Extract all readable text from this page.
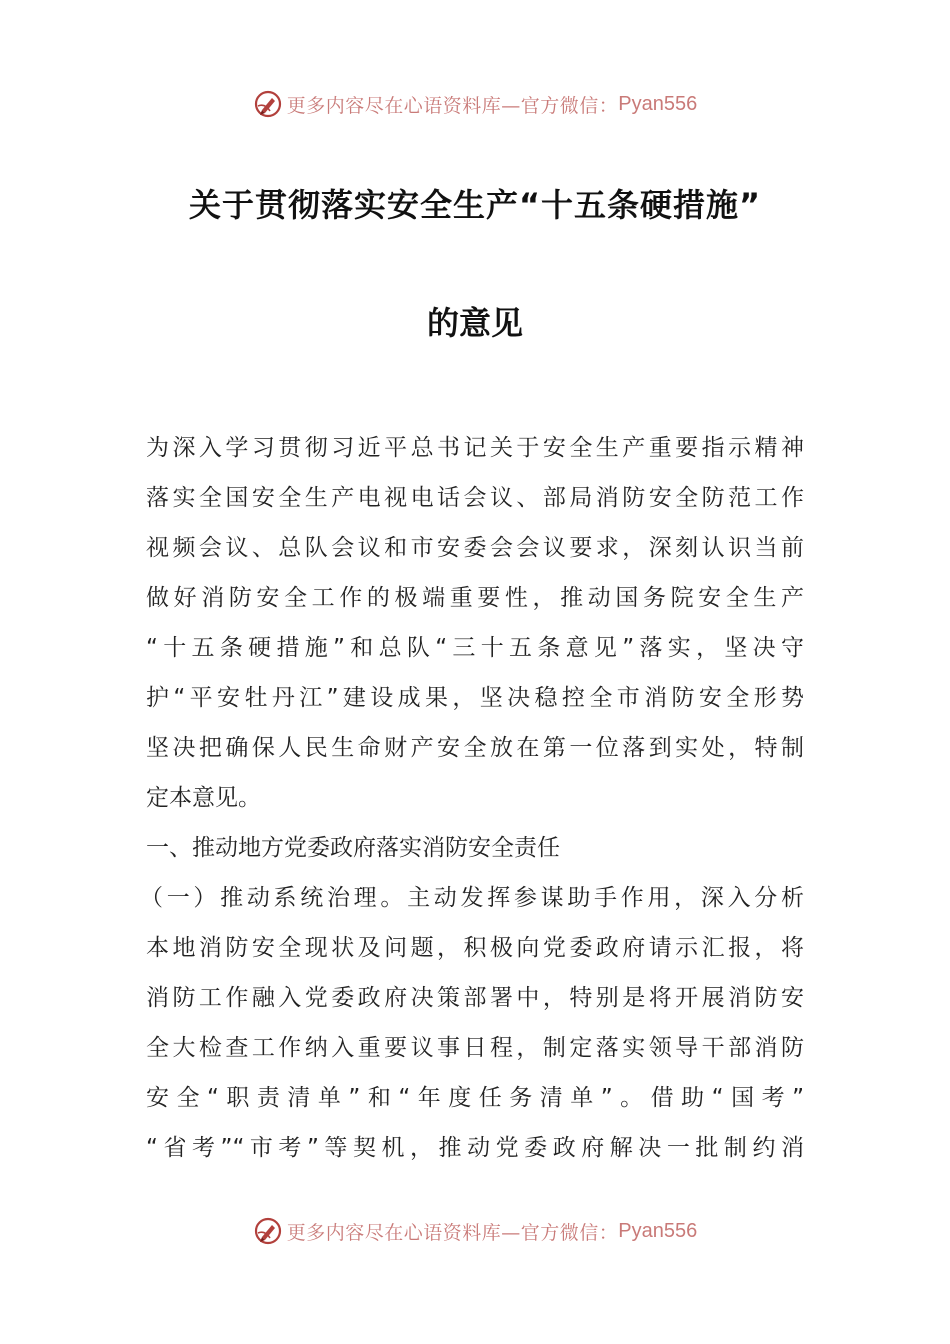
更多内容尽在心语资料库—官方微信： Pyan556
关于贯彻落实安全生产“十五条硬措施”
的意见
为深入学习贯彻习近平总书记关于安全生产重要指示精神
落实全国安全生产电视电话会议、部局消防安全防范工作
视频会议、总队会议和市安委会会议要求，深刻认识当前
做好消防安全工作的极端重要性，推动国务院安全生产
“十五条硬措施”和总队“三十五条意见”落实，坚决守
护“平安牡丹江”建设成果，坚决稳控全市消防安全形势
坚决把确保人民生命财产安全放在第一位落到实处，特制
定本意见。
一、推动地方党委政府落实消防安全责任
（一）推动系统治理。主动发挥参谋助手作用，深入分析
本地消防安全现状及问题，积极向党委政府请示汇报，将
消防工作融入党委政府决策部署中，特别是将开展消防安
全大检查工作纳入重要议事日程，制定落实领导干部消防
安全“职责清单”和“年度任务清单”。借助“国考”
“省考”“市考”等契机，推动党委政府解决一批制约消
更多内容尽在心语资料库—官方微信： Pyan556
